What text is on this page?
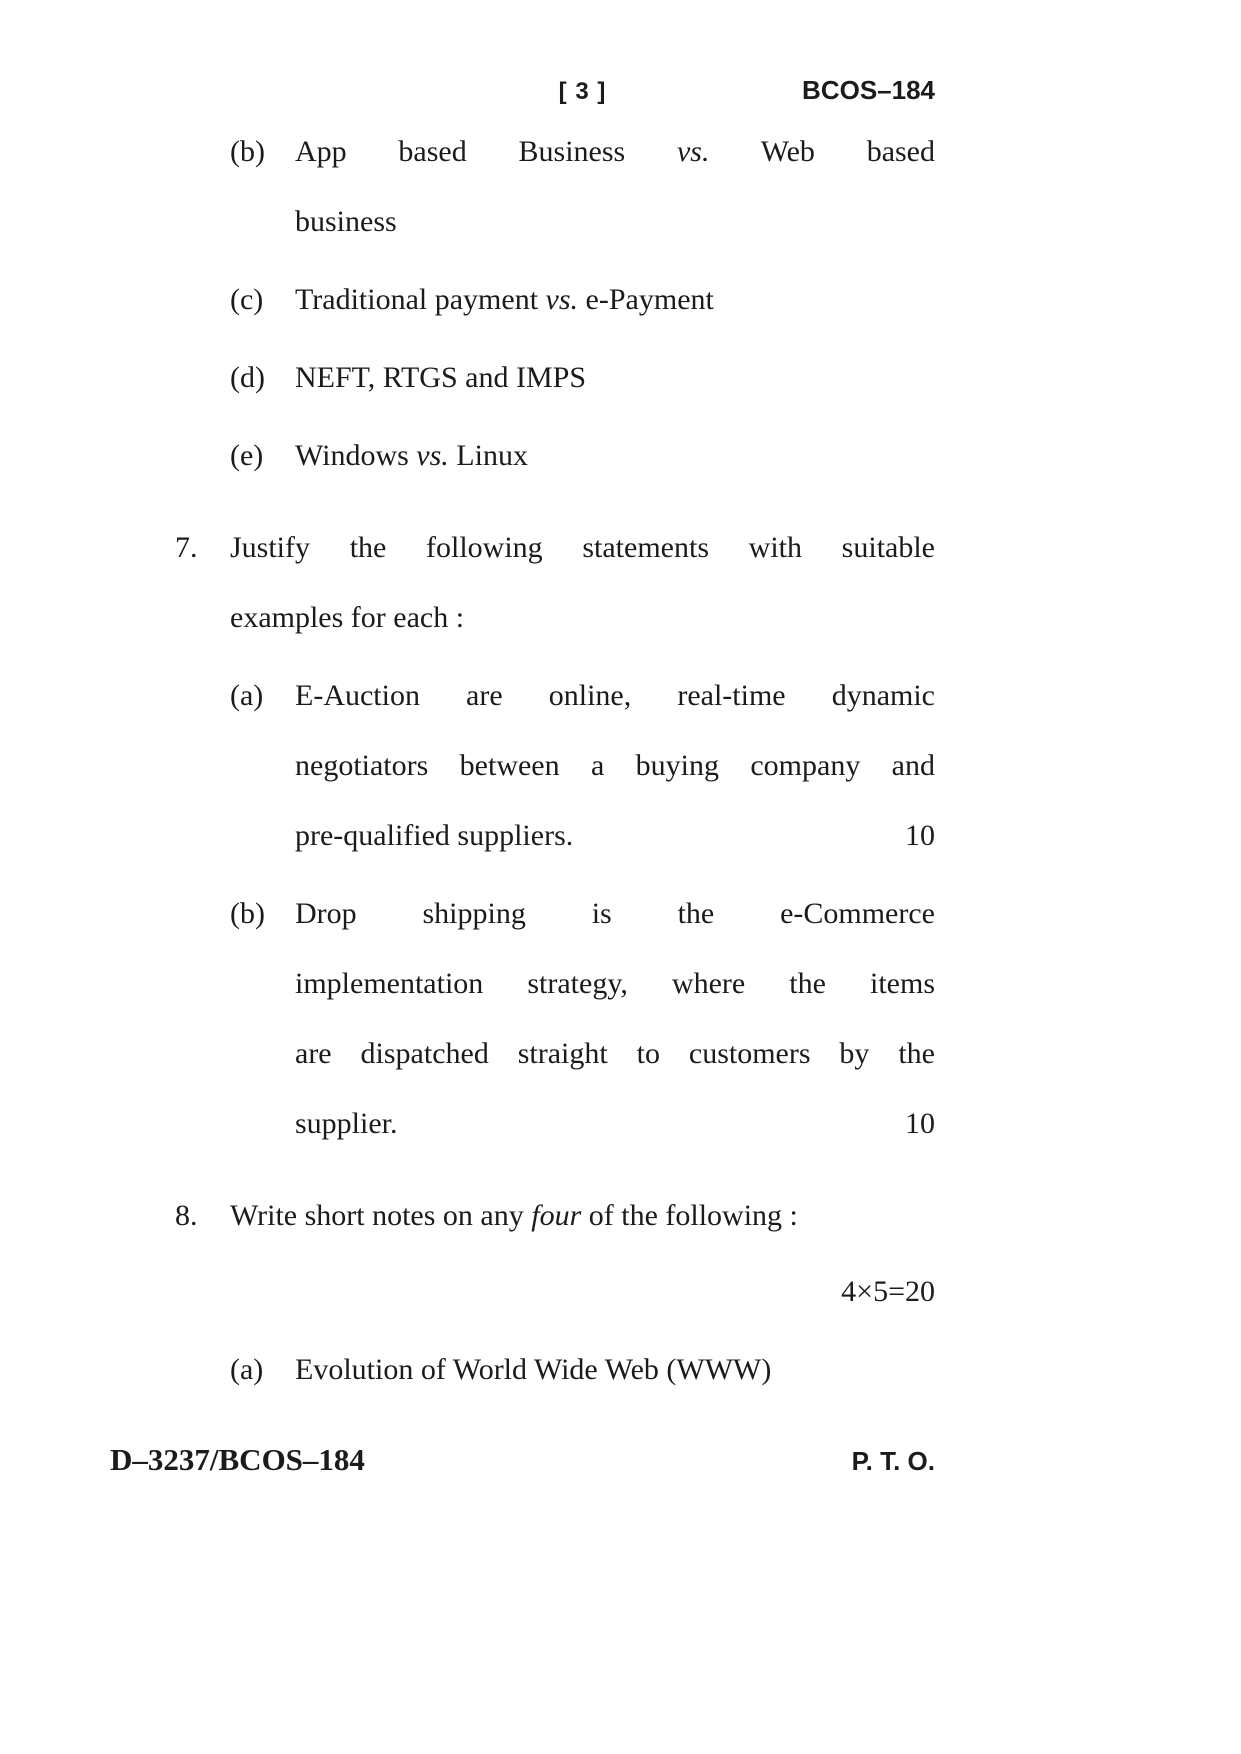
[ 3 ]	BCOS–184
(b)	App based Business vs. Web based
business
(c)	Traditional payment vs. e-Payment
(d)	NEFT, RTGS and IMPS
(e)	Windows vs. Linux
7.	Justify the following statements with suitable
examples for each :
(a)	E-Auction are online, real-time dynamic
negotiators between a buying company and
pre-qualified suppliers.	10
(b)	Drop shipping is the e-Commerce
implementation strategy, where the items
are dispatched straight to customers by the
supplier.	10
8.	Write short notes on any four of the following :
4×5=20
(a)	Evolution of World Wide Web (WWW)
D–3237/BCOS–184	P. T. O.
